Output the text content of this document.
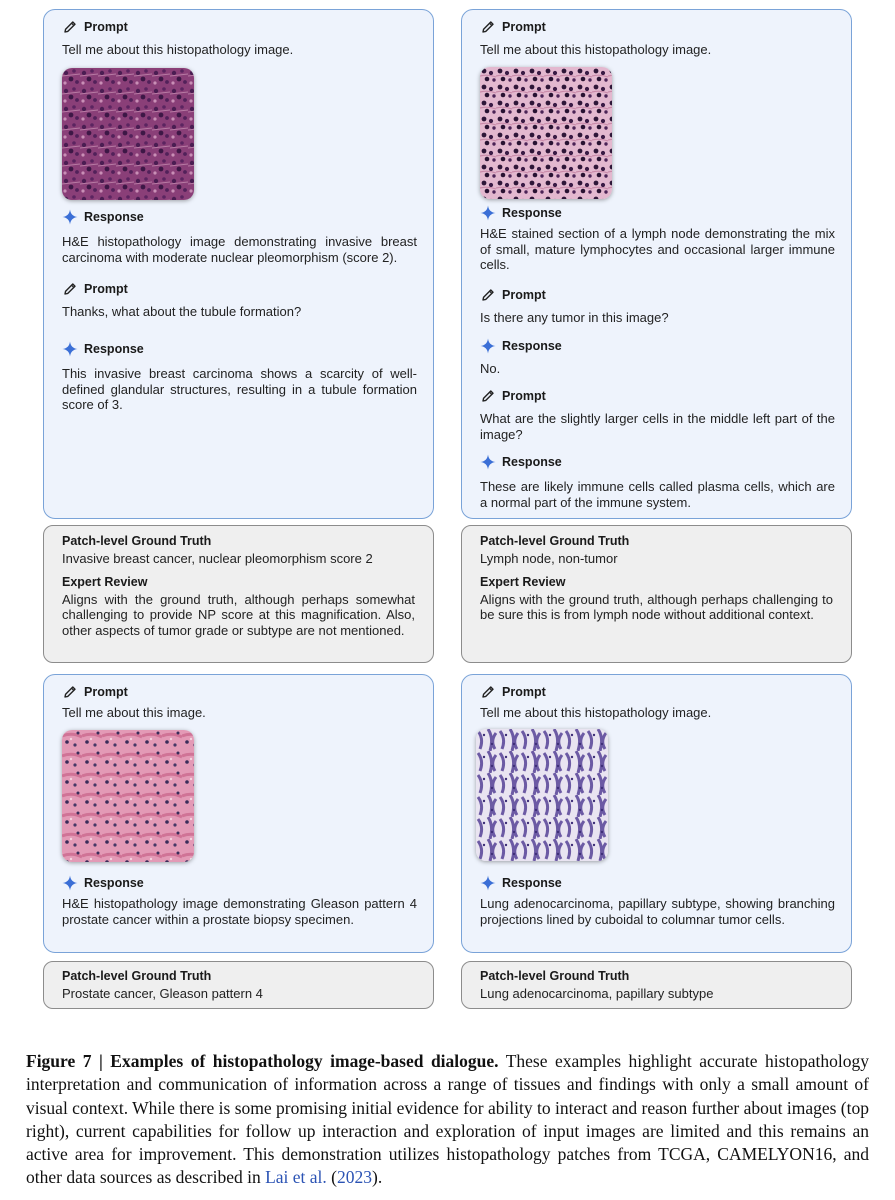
Prompt
Tell me about this histopathology image.
Response
H&E histopathology image demonstrating invasive breast carcinoma with moderate nuclear pleomorphism (score 2).
Prompt
Thanks, what about the tubule formation?
Response
This invasive breast carcinoma shows a scarcity of well-defined glandular structures, resulting in a tubule formation score of 3.
Patch-level Ground Truth
Invasive breast cancer, nuclear pleomorphism score 2
Expert Review
Aligns with the ground truth, although perhaps somewhat challenging to provide NP score at this magnification. Also, other aspects of tumor grade or subtype are not mentioned.
Prompt
Tell me about this histopathology image.
Response
H&E stained section of a lymph node demonstrating the mix of small, mature lymphocytes and occasional larger immune cells.
Prompt
Is there any tumor in this image?
Response
No.
Prompt
What are the slightly larger cells in the middle left part of the image?
Response
These are likely immune cells called plasma cells, which are a normal part of the immune system.
Patch-level Ground Truth
Lymph node, non-tumor
Expert Review
Aligns with the ground truth, although perhaps challenging to be sure this is from lymph node without additional context.
Prompt
Tell me about this image.
Response
H&E histopathology image demonstrating Gleason pattern 4 prostate cancer within a prostate biopsy specimen.
Patch-level Ground Truth
Prostate cancer, Gleason pattern 4
Prompt
Tell me about this histopathology image.
Response
Lung adenocarcinoma, papillary subtype, showing branching projections lined by cuboidal to columnar tumor cells.
Patch-level Ground Truth
Lung adenocarcinoma, papillary subtype
Figure 7 | Examples of histopathology image-based dialogue. These examples highlight accurate histopathology interpretation and communication of information across a range of tissues and findings with only a small amount of visual context. While there is some promising initial evidence for ability to interact and reason further about images (top right), current capabilities for follow up interaction and exploration of input images are limited and this remains an active area for improvement. This demonstration utilizes histopathology patches from TCGA, CAMELYON16, and other data sources as described in Lai et al. (2023).
